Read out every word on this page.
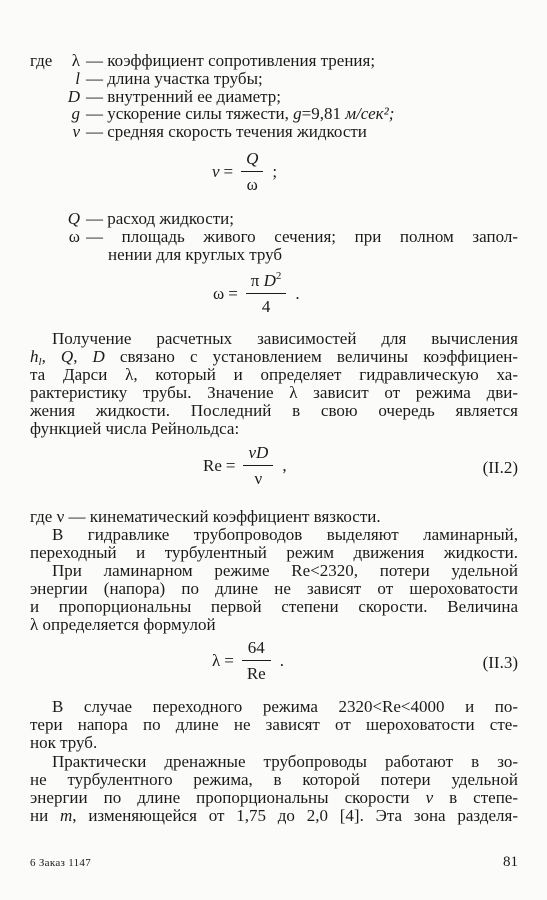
где	λ — коэффициент сопротивления трения;
l — длина участка трубы;
D — внутренний ее диаметр;
g — ускорение силы тяжести, g=9,81 м/сек²;
v — средняя скорость течения жидкости
$v = \frac{Q}{\omega}$ ;
Q — расход жидкости;
ω — площадь живого сечения; при полном запол-
нении для круглых труб
$\omega = \frac{\pi D^2}{4}$ .
Получение расчетных зависимостей для вычисления
$h_l$, Q, D связано с установлением величины коэффициен-
та Дарси λ, который и определяет гидравлическую ха-
рактеристику трубы. Значение λ зависит от режима дви-
жения жидкости. Последний в свою очередь является
функцией числа Рейнольдса:
$Re = \frac{vD}{\nu}$ ,	(II.2)
где ν — кинематический коэффициент вязкости.
В гидравлике трубопроводов выделяют ламинарный,
переходный и турбулентный режим движения жидкости.
При ламинарном режиме Re<2320, потери удельной
энергии (напора) по длине не зависят от шероховатости
и пропорциональны первой степени скорости. Величина
λ определяется формулой
$\lambda = \frac{64}{Re}$ .	(II.3)
В случае переходного режима 2320<Re<4000 и по-
тери напора по длине не зависят от шероховатости сте-
нок труб.
Практически дренажные трубопроводы работают в зо-
не турбулентного режима, в которой потери удельной
энергии по длине пропорциональны скорости v в степе-
ни m, изменяющейся от 1,75 до 2,0 [4]. Эта зона разделя-
6 Заказ 1147	81
